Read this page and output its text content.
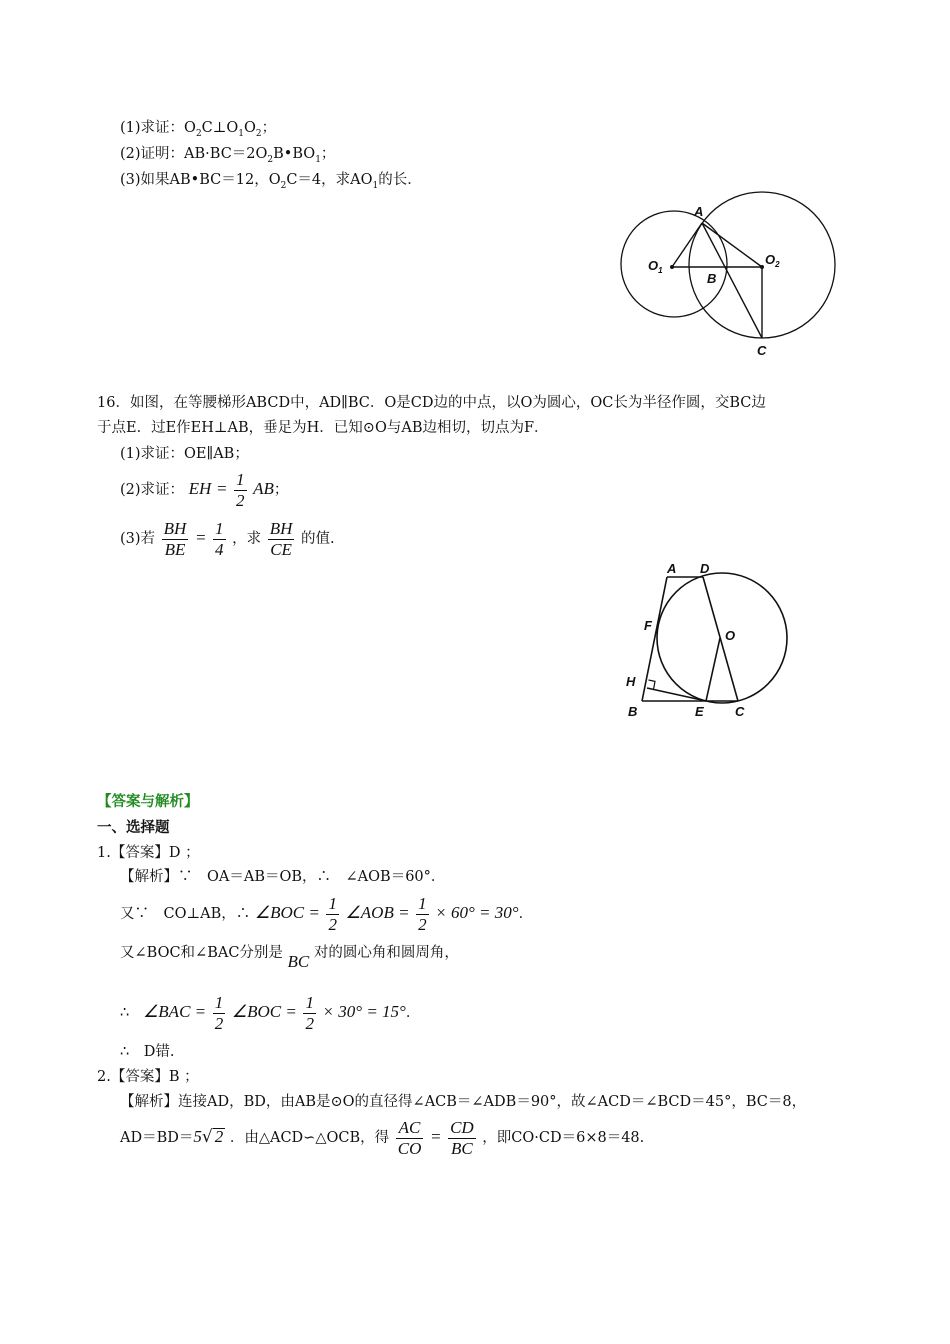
(1)求证：$O_2C\perp O_1O_2$；
(2)证明：$AB\cdot BC=2O_2B•BO_1$；
(3)如果AB•BC＝12，$O_2C=4$，求$AO_1$的长．
A
B
C
$O_1$
$O_2$
16．如图，在等腰梯形ABCD中，AD∥BC．O是CD边的中点，以O为圆心，OC长为半径作圆，交BC边
于点E．过E作EH⊥AB，垂足为H．已知⊙O与AB边相切，切点为F．
(1)求证：OE∥AB；
(2)求证： EH = $\frac{1}{2}$ AB；
(3)若 $\frac{BH}{BE} = \frac{1}{4}$ ，求 $\frac{BH}{CE}$ 的值.
A D
F
O
H
B	E C
【答案与解析】
一、选择题
1.【答案】D ；
【解析】∵　OA＝AB＝OB，∴　∠AOB＝60°．
又∵　CO⊥AB，∴ ∠BOC = $\frac{1}{2}$ ∠AOB = $\frac{1}{2} \times 60^\circ = 30^\circ$．
又∠BOC和∠BAC分别是 BC 对的圆心角和圆周角，
∴ ∠BAC = $\frac{1}{2}$ ∠BOC = $\frac{1}{2} \times 30^\circ = 15^\circ$．
∴　D错.
2.【答案】B ；
【解析】连接AD，BD，由AB是⊙O的直径得∠ACB＝∠ADB＝90°，故∠ACD＝∠BCD＝45°，BC＝8，
AD＝BD＝5√ 2 ．由△ACD∽△OCB，得 $\frac{AC}{CO} = \frac{CD}{BC}$ ，即CO·CD＝6×8＝48.
